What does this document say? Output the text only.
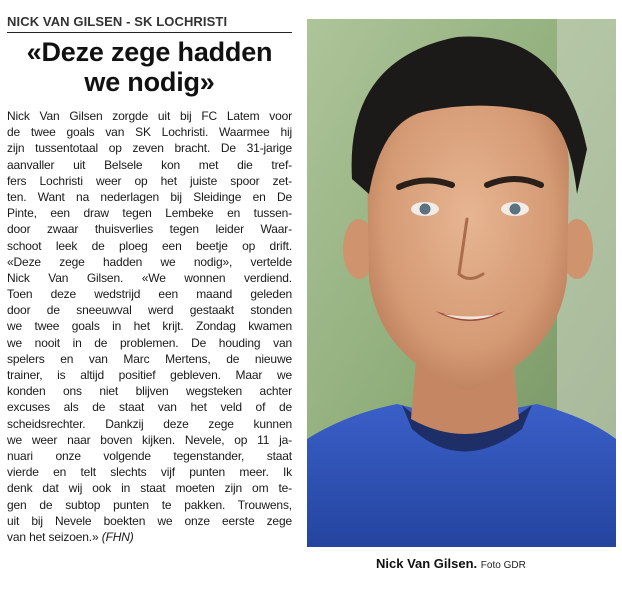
NICK VAN GILSEN - SK LOCHRISTI
«Deze zege hadden
we nodig»
Nick Van Gilsen zorgde uit bij FC Latem voor
de twee goals van SK Lochristi. Waarmee hij
zijn tussentotaal op zeven bracht. De 31-jarige
aanvaller uit Belsele kon met die tref-
fers Lochristi weer op het juiste spoor zet-
ten. Want na nederlagen bij Sleidinge en De
Pinte, een draw tegen Lembeke en tussen-
door zwaar thuisverlies tegen leider Waar-
schoot leek de ploeg een beetje op drift.
«Deze zege hadden we nodig», vertelde
Nick Van Gilsen. «We wonnen verdiend.
Toen deze wedstrijd een maand geleden
door de sneeuwval werd gestaakt stonden
we twee goals in het krijt. Zondag kwamen
we nooit in de problemen. De houding van
spelers en van Marc Mertens, de nieuwe
trainer, is altijd positief gebleven. Maar we
konden ons niet blijven wegsteken achter
excuses als de staat van het veld of de
scheidsrechter. Dankzij deze zege kunnen
we weer naar boven kijken. Nevele, op 11 ja-
nuari onze volgende tegenstander, staat
vierde en telt slechts vijf punten meer. Ik
denk dat wij ook in staat moeten zijn om te-
gen de subtop punten te pakken. Trouwens,
uit bij Nevele boekten we onze eerste zege
van het seizoen.» (FHN)
Nick Van Gilsen. Foto GDR
